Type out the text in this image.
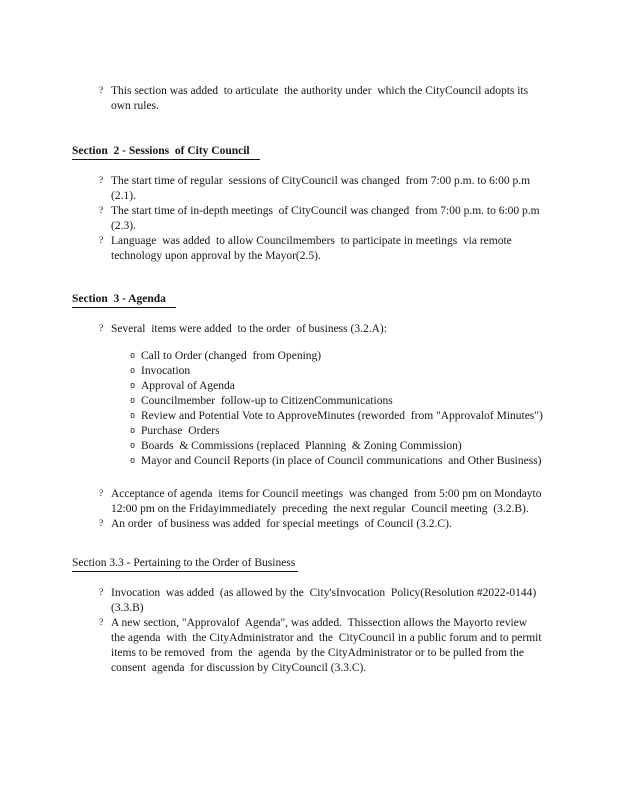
? This section was added  to articulate  the authority under  which the CityCouncil adopts its own rules.
Section  2 - Sessions  of City Council
? The start time of regular  sessions of CityCouncil was changed  from 7:00 p.m. to 6:00 p.m (2.1).
? The start time of in-depth meetings  of CityCouncil was changed  from 7:00 p.m. to 6:00 p.m (2.3).
? Language  was added  to allow Councilmembers  to participate in meetings  via remote technology upon approval by the Mayor(2.5).
Section  3 - Agenda
? Several  items were added  to the order  of business (3.2.A):
o Call to Order (changed  from Opening)
o Invocation
o Approval of Agenda
o Councilmember  follow-up to CitizenCommunications
o Review and Potential Vote to ApproveMinutes (reworded  from "Approvalof Minutes")
o Purchase  Orders
o Boards  & Commissions (replaced  Planning  & Zoning Commission)
o Mayor and Council Reports (in place of Council communications  and Other Business)
? Acceptance of agenda  items for Council meetings  was changed  from 5:00 pm on Mondayto 12:00 pm on the Fridayimmediately  preceding  the next regular  Council meeting  (3.2.B).
? An order  of business was added  for special meetings  of Council (3.2.C).
Section 3.3 - Pertaining to the Order of Business
? Invocation  was added  (as allowed by the  City'sInvocation  Policy(Resolution #2022-0144) (3.3.B)
? A new section, "Approvalof  Agenda", was added.  Thissection allows the Mayorto review  the agenda  with  the CityAdministrator and  the  CityCouncil in a public forum and to permit  items to be removed  from  the  agenda  by the CityAdministrator or to be pulled from the consent  agenda  for discussion by CityCouncil (3.3.C).
